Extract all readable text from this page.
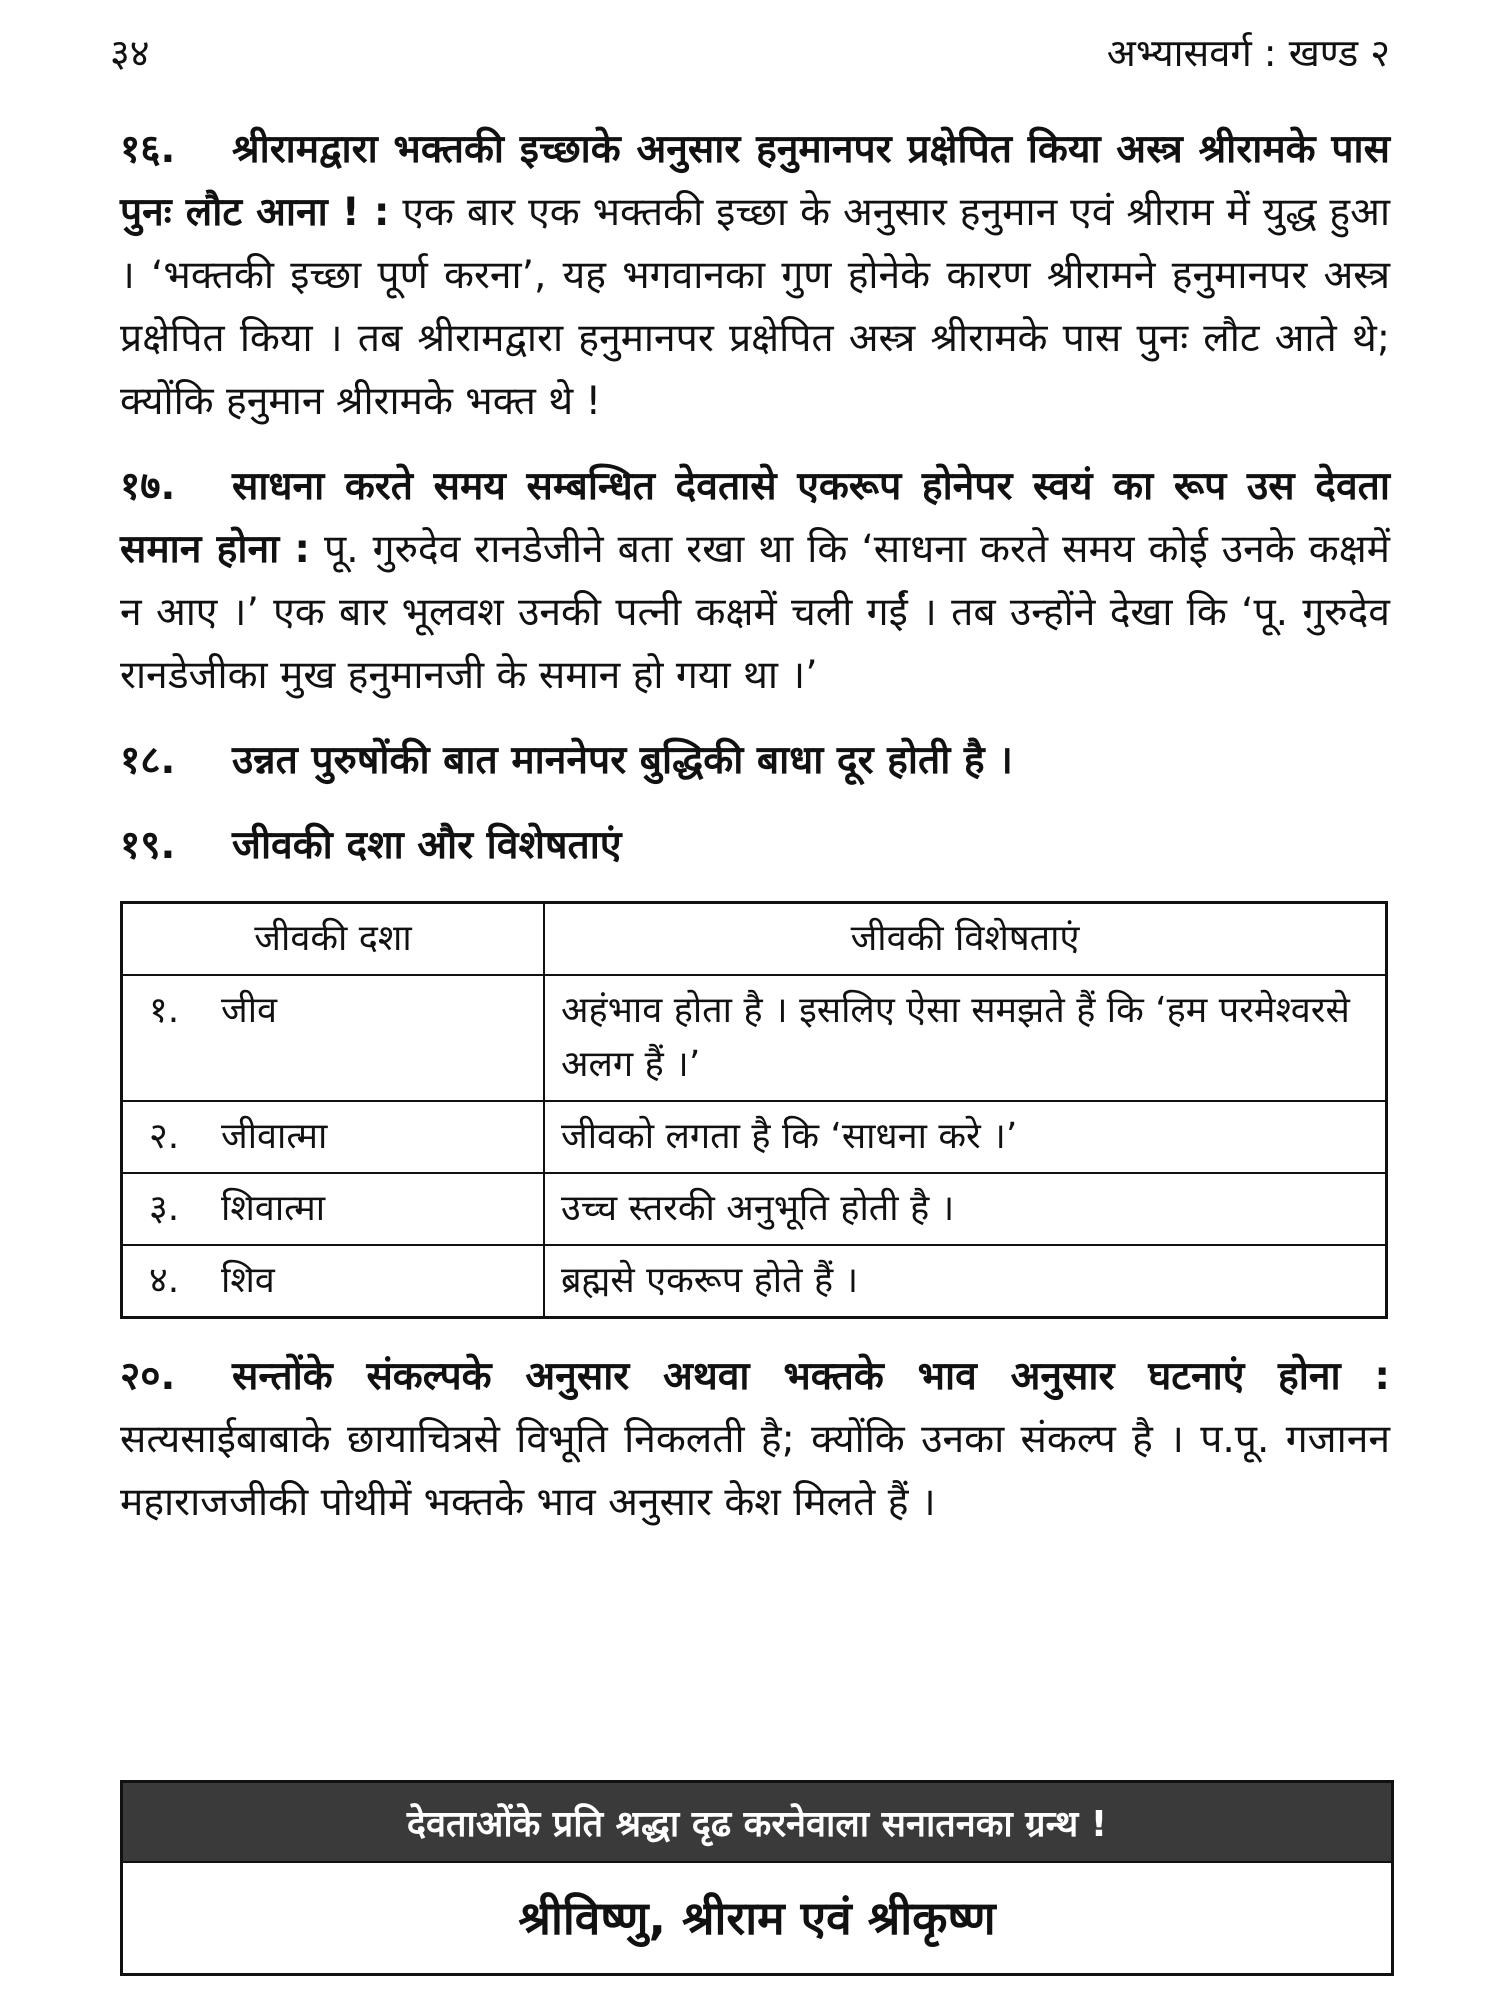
३४	अभ्यासवर्ग : खण्ड २

१६. श्रीरामद्वारा भक्तकी इच्छाके अनुसार हनुमानपर प्रक्षेपित किया अस्त्र श्रीरामके पास पुनः लौट आना ! : एक बार एक भक्तकी इच्छा के अनुसार हनुमान एवं श्रीराम में युद्ध हुआ । ‘भक्तकी इच्छा पूर्ण करना’, यह भगवानका गुण होनेके कारण श्रीरामने हनुमानपर अस्त्र प्रक्षेपित किया । तब श्रीरामद्वारा हनुमानपर प्रक्षेपित अस्त्र श्रीरामके पास पुनः लौट आते थे; क्योंकि हनुमान श्रीरामके भक्त थे !

१७. साधना करते समय सम्बन्धित देवतासे एकरूप होनेपर स्वयं का रूप उस देवता समान होना : पू. गुरुदेव रानडेजीने बता रखा था कि ‘साधना करते समय कोई उनके कक्षमें न आए ।’ एक बार भूलवश उनकी पत्नी कक्षमें चली गईं । तब उन्होंने देखा कि ‘पू. गुरुदेव रानडेजीका मुख हनुमानजी के समान हो गया था ।’

१८. उन्नत पुरुषोंकी बात माननेपर बुद्धिकी बाधा दूर होती है ।
१९. जीवकी दशा और विशेषताएं
जीवकी दशा	जीवकी विशेषताएं
१. जीव	अहंभाव होता है । इसलिए ऐसा समझते हैं कि ‘हम परमेश्वरसे अलग हैं ।’
२. जीवात्मा	जीवको लगता है कि ‘साधना करे ।’
३. शिवात्मा	उच्च स्तरकी अनुभूति होती है ।
४. शिव	ब्रह्मसे एकरूप होते हैं ।

२०. सन्तोंके संकल्पके अनुसार अथवा भक्तके भाव अनुसार घटनाएं होना : सत्यसाईबाबाके छायाचित्रसे विभूति निकलती है; क्योंकि उनका संकल्प है । प.पू. गजानन महाराजजीकी पोथीमें भक्तके भाव अनुसार केश मिलते हैं ।

देवताओंके प्रति श्रद्धा दृढ करनेवाला सनातनका ग्रन्थ !
श्रीविष्णु, श्रीराम एवं श्रीकृष्ण
